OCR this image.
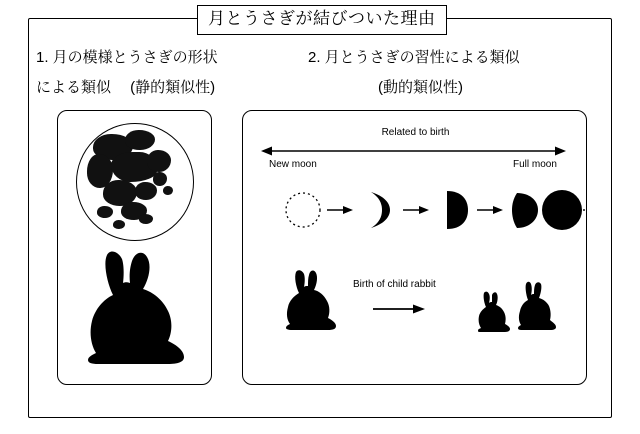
月とうさぎが結びついた理由
1. 月の模様とうさぎの形状
による類似　 (静的類似性)
2. 月とうさぎの習性による類似
(動的類似性)
Related to birth
New moon	Full moon
Birth of child rabbit
